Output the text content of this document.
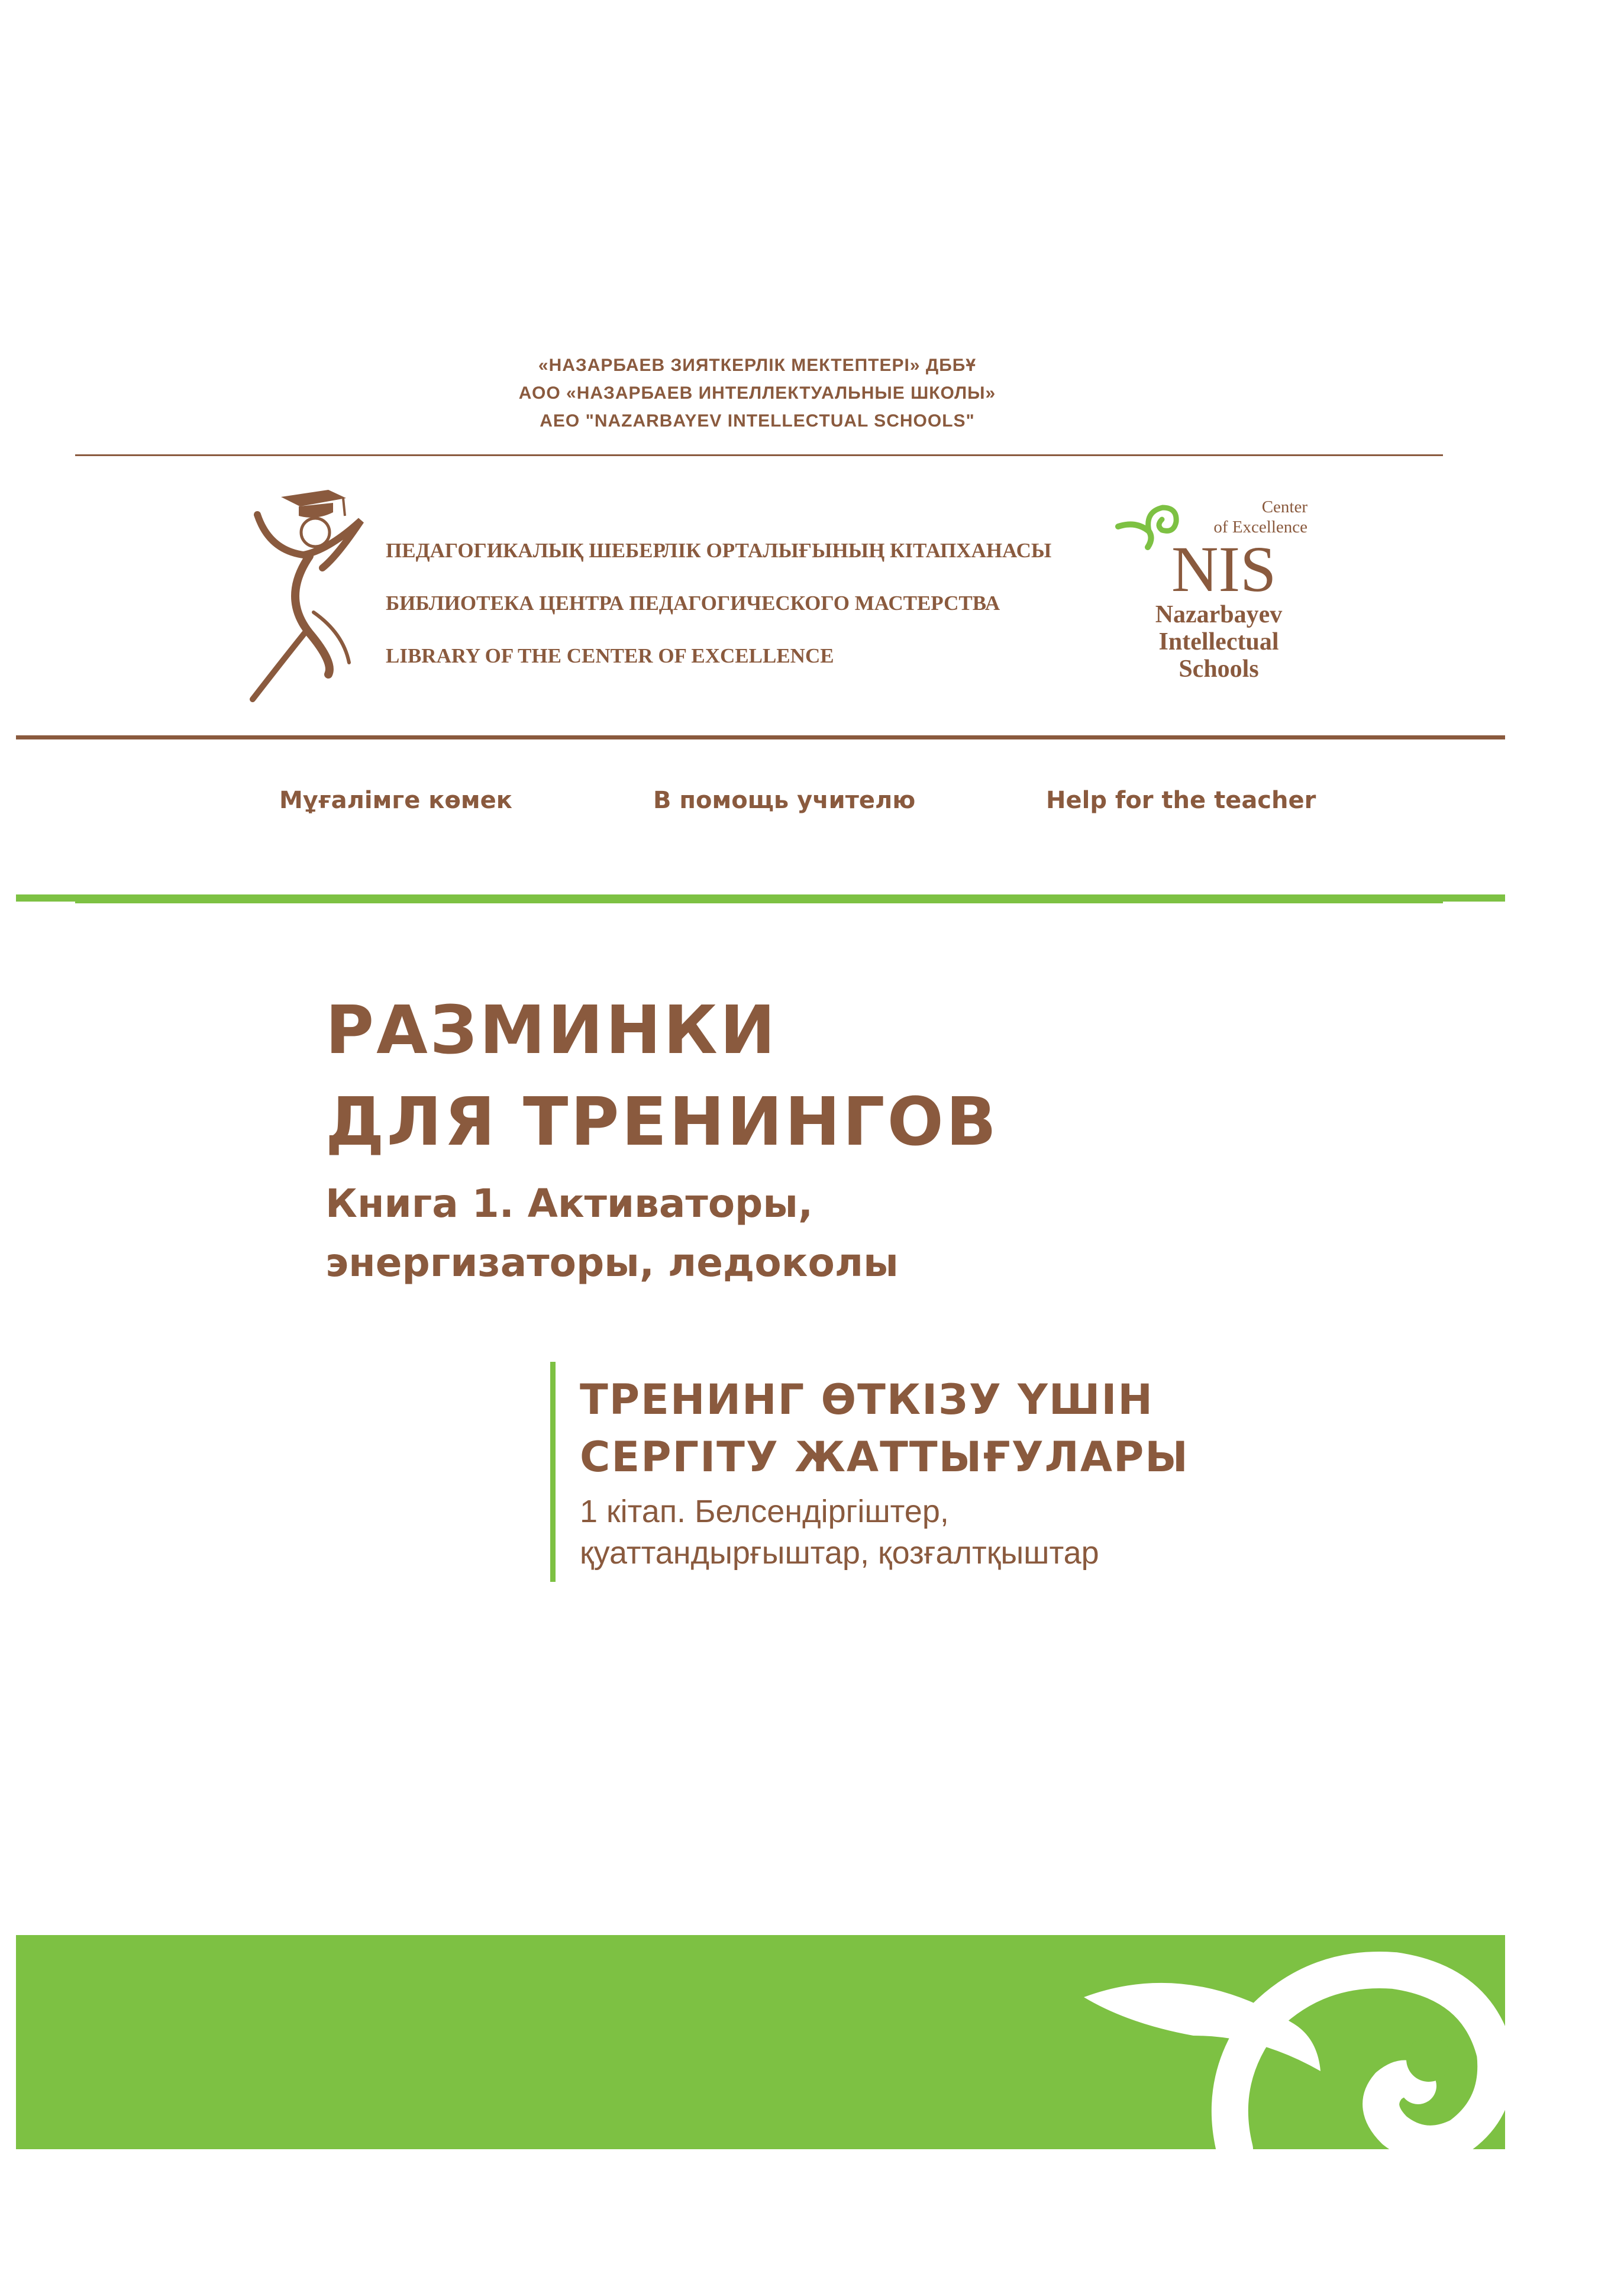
«НАЗАРБАЕВ ЗИЯТКЕРЛІК МЕКТЕПТЕРІ» ДББҰ
АОО «НАЗАРБАЕВ ИНТЕЛЛЕКТУАЛЬНЫЕ ШКОЛЫ»
AEO "NAZARBAYEV INTELLECTUAL SCHOOLS"
ПЕДАГОГИКАЛЫҚ ШЕБЕРЛІК ОРТАЛЫҒЫНЫҢ КІТАПХАНАСЫ
БИБЛИОТЕКА ЦЕНТРА ПЕДАГОГИЧЕСКОГО МАСТЕРСТВА
LIBRARY OF THE CENTER OF EXCELLENCE
Center
of Excellence
NIS
Nazarbayev
Intellectual
Schools
Мұғалімге көмек	В помощь учителю	Help for the teacher
РАЗМИНКИ
ДЛЯ ТРЕНИНГОВ
Книга 1. Активаторы,
энергизаторы, ледоколы
ТРЕНИНГ ӨТКІЗУ ҮШІН
СЕРГІТУ ЖАТТЫҒУЛАРЫ
1 кітап. Белсендіргіштер,
қуаттандырғыштар, қозғалтқыштар
